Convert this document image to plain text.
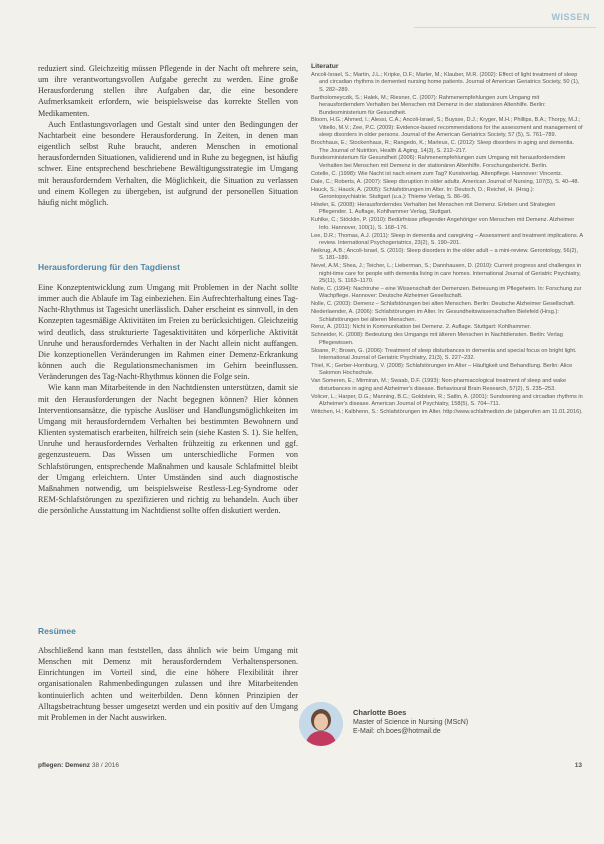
WISSEN

reduziert sind. Gleichzeitig müssen Pflegende in der Nacht oft mehrere sein, um ihre verantwortungsvollen Aufgabe gerecht zu werden. Eine große Herausforderung stellen ihre Aufgaben dar, die eine besondere Aufmerksamkeit erfordern, wie beispielsweise das korrekte Stellen von Medikamenten.

Auch Entlastungsvorlagen und Gestalt sind unter den Bedingungen der Nachtarbeit eine besondere Herausforderung. In Zeiten, in denen man eigentlich selbst Ruhe braucht, anderen Menschen in emotional herausfordernden Situationen, validierend und in Ruhe zu begegnen, ist häufig schwer. Eine entsprechend beschriebene Bewältigungsstrategie im Umgang mit herausforderndem Verhalten, die Möglichkeit, die Situation zu verlassen und einem Kollegen zu übergeben, ist aufgrund der personellen Situation häufig nicht möglich.

Herausforderung für den Tagdienst

Eine Konzeptentwicklung zum Umgang mit Problemen in der Nacht sollte immer auch die Ablaufe im Tag einbeziehen. Ein Aufrechterhaltung eines Tag-Nacht-Rhythmus ist Tagesicht unerlässlich. Daher erscheint es sinnvoll, in den Konzepten tagesmäßige Aktivitäten im Freien zu berücksichtigen. Gleichzeitig wird deutlich, dass strukturierte Tagesaktivitäten und körperliche Aktivität Unruhe und herausforderndes Verhalten in der Nacht allein nicht auffangen. Die konzeptionellen Veränderungen im Rahmen einer Demenz-Erkrankung können auch die Regulationsmechanismen im Gehirn beeinflussen. Veränderungen des Tag-Nacht-Rhythmus können die Folge sein.

Wie kann man Mitarbeitende in den Nachtdiensten unterstützen, damit sie mit den Herausforderungen der Nacht begegnen können? Hier können Interventionsansätze, die typische Auslöser und Handlungsmöglichkeiten im Umgang mit herausforderndem Verhalten bei bestimmten Bewohnern und Klienten systematisch erarbeiten, hilfreich sein (siehe Kasten S. 1). Sie helfen, Unruhe und herausforderndes Verhalten frühzeitig zu erkennen und ggf. gegenzusteuern. Das Wissen um unterschiedliche Formen von Schlafstörungen, entsprechende Maßnahmen und kausale Schlafmittel bleibt der Umgang erleichtern. Unter Umständen sind auch diagnostische Maßnahmen notwendig, um beispielsweise Restless-Leg-Syndrome oder REM-Schlafstörungen zu spezifizieren und richtig zu behandeln. Auch über die persönliche Ausstattung im Nachtdienst sollte offen diskutiert werden.

Resümee

Abschließend kann man feststellen, dass ähnlich wie beim Umgang mit Menschen mit Demenz mit herausforderndem Verhaltenspersonen. Einrichtungen im Vorteil sind, die eine höhere Flexibilität ihrer organisationalen Rahmenbedingungen zulassen und ihre Mitarbeitenden kontinuierlich achten und weiterbilden. Denn können Prinzipien der Alltagsbetrachtung besser umgesetzt werden und ein positiv auf den Umgang mit Problemen in der Nacht auswirken.

Literatur

Ancoli-Israel, S.; Martin, J.L.; Kripke, D.F.; Marler, M.; Klauber, M.R. (2002): Effect of light treatment of sleep and circadian rhythms in demented nursing home patients. Journal of American Geriatrics Society, 50 (1), S. 282–289.

Bartholomeyczik, S.; Halek, M.; Riesner, C. (2007): Rahmenempfehlungen zum Umgang mit herausforderndem Verhalten bei Menschen mit Demenz in der stationären Altenhilfe. Berlin: Bundesministerium für Gesundheit.

Bloom, H.G.; Ahmed, I.; Alessi, C.A.; Ancoli-Israel, S.; Buysse, D.J.; Kryger, M.H.; Phillips, B.A.; Thorpy, M.J.; Vitiello, M.V.; Zee, P.C. (2009): Evidence-based recommendations for the assessment and management of sleep disorders in older persons. Journal of the American Geriatrics Society, 57 (5), S. 761–789.

Brochhaus, E.; Stockenhaus, R.; Rangedo, K.; Marleus, C. (2012): Sleep disorders in aging and dementia. The Journal of Nutrition, Health & Aging, 14(3), S. 212–217.

Bundesministerium für Gesundheit (2006): Rahmenempfehlungen zum Umgang mit herausforderndem Verhalten bei Menschen mit Demenz in der stationären Altenhilfe. Forschungsbericht. Berlin.

Cotelle, C. (1998): Wie Nacht ist nach einem zum Tag? Kunstverlag. Altenpflege. Hannover: Vincentz.

Dale, C.; Roberts, A. (2007): Sleep disruption in older adults. American Journal of Nursing, 107(5), S. 40–48.

Hauck, S.; Hauck, A. (2005): Schlafstörungen im Alter. In: Deutsch, D.; Reichel, H. (Hrsg.): Gerontopsychiatrie. Stuttgart (u.a.): Thieme Verlag, S. 86–96.

Höwler, E. (2008): Herausforderndes Verhalten bei Menschen mit Demenz. Erleben und Strategien Pflegender. 1. Auflage, Kohlhammer Verlag, Stuttgart.

Kuhlke, C.; Stöcklin, P. (2010): Bedürfnisse pflegender Angehöriger von Menschen mit Demenz. Alzheimer Info. Hannover, 100(1), S. 168–176.

Lee, D.R.; Thomas, A.J. (2011): Sleep in dementia and caregiving – Assessment and treatment implications. A review. International Psychogeriatrics, 23(2), S. 190–201.

Neikrug, A.B.; Ancoli-Israel, S. (2010): Sleep disorders in the older adult – a mini-review. Gerontology, 56(2), S. 181–189.

Nevel, A.M.; Shea, J.; Teicher, L.; Lieberman, S.; Dannhausen, D. (2010): Current progress and challenges in night-time care for people with dementia living in care homes. International Journal of Geriatric Psychiatry, 25(11), S. 1163–1170.

Nolle, C. (1994): Nachtruhe – eine Wissenschaft der Demenzen. Betreuung im Pflegeheim. In: Forschung zur Wachpflege. Hannover: Deutsche Alzheimer Gesellschaft.

Nolle, C. (2003): Demenz – Schlafstörungen bei alten Menschen. Berlin: Deutsche Alzheimer Gesellschaft.

Niederlaender, A. (2006): Schlafstörungen im Alter. In: Gesundheitswissenschaften Bielefeld (Hrsg.): Schlafstörungen bei älteren Menschen.

Renz, A. (2011): Nicht in Kommunikation bei Demenz. 2. Auflage. Stuttgart: Kohlhammer.

Schneider, K. (2008): Bedeutung des Umgangs mit älteren Menschen in Nachtdiensten. Berlin: Verlag Pflegewissen.

Sloane, P.; Brown, G. (2006): Treatment of sleep disturbances in dementia and special focus on bright light. International Journal of Geriatric Psychiatry, 21(3), S. 227–232.

Thiel, K.; Gerber-Hornburg, V. (2008): Schlafstörungen im Alter – Häufigkeit und Behandlung. Berlin: Alice Salomon Hochschule.

Van Someren, E.; Mirmiran, M.; Swaab, D.F. (1993): Non-pharmacological treatment of sleep and wake disturbances in aging and Alzheimer's disease. Behavioural Brain Research, 57(2), S. 235–253.

Volicer, L.; Harper, D.G.; Manning, B.C.; Goldstein, R.; Satlin, A. (2001): Sundowning and circadian rhythms in Alzheimer's disease. American Journal of Psychiatry, 158(5), S. 704–711.

Wittchen, H.; Kalbhenn, S.: Schlafstörungen im Alter. http://www.schlafmedizin.de (abgerufen am 11.01.2016).

Charlotte Boes
Master of Science in Nursing (MScN)
E-Mail: ch.boes@hotmail.de
pflegen: Demenz 38 / 2016	13
